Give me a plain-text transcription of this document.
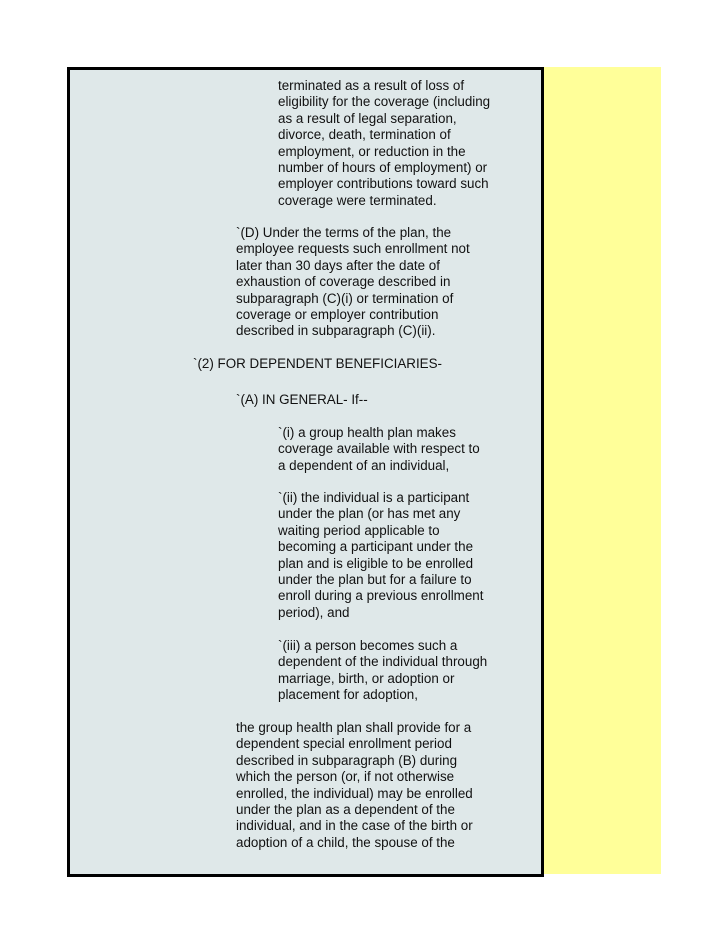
terminated as a result of loss of
eligibility for the coverage (including
as a result of legal separation,
divorce, death, termination of
employment, or reduction in the
number of hours of employment) or
employer contributions toward such
coverage were terminated.

`(D) Under the terms of the plan, the
employee requests such enrollment not
later than 30 days after the date of
exhaustion of coverage described in
subparagraph (C)(i) or termination of
coverage or employer contribution
described in subparagraph (C)(ii).

`(2) FOR DEPENDENT BENEFICIARIES-

`(A) IN GENERAL- If--

`(i) a group health plan makes
coverage available with respect to
a dependent of an individual,

`(ii) the individual is a participant
under the plan (or has met any
waiting period applicable to
becoming a participant under the
plan and is eligible to be enrolled
under the plan but for a failure to
enroll during a previous enrollment
period), and

`(iii) a person becomes such a
dependent of the individual through
marriage, birth, or adoption or
placement for adoption,

the group health plan shall provide for a
dependent special enrollment period
described in subparagraph (B) during
which the person (or, if not otherwise
enrolled, the individual) may be enrolled
under the plan as a dependent of the
individual, and in the case of the birth or
adoption of a child, the spouse of the
